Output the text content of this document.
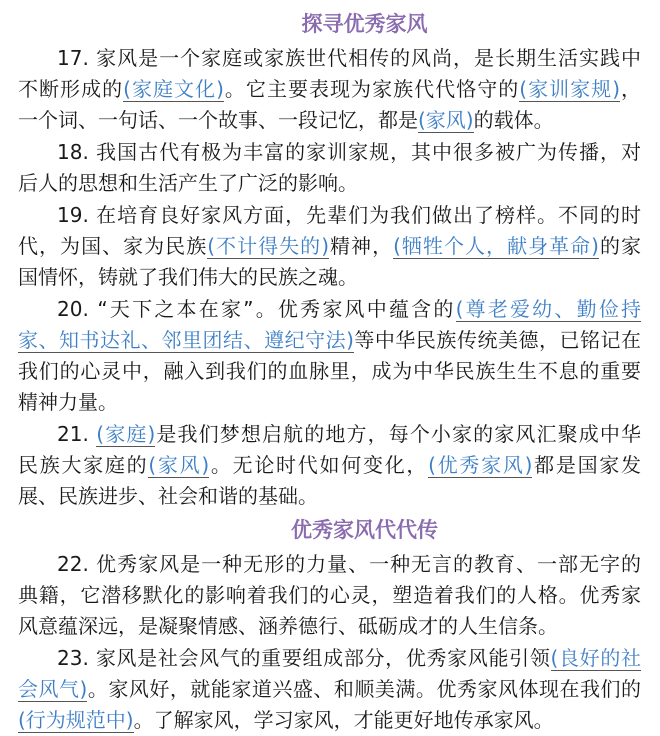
探寻优秀家风
17. 家风是一个家庭或家族世代相传的风尚，是长期生活实践中
不断形成的(家庭文化)。它主要表现为家族代代恪守的(家训家规)，
一个词、一句话、一个故事、一段记忆，都是(家风)的载体。
18. 我国古代有极为丰富的家训家规，其中很多被广为传播，对
后人的思想和生活产生了广泛的影响。
19. 在培育良好家风方面，先辈们为我们做出了榜样。不同的时
代，为国、家为民族(不计得失的)精神，(牺牲个人，献身革命)的家
国情怀，铸就了我们伟大的民族之魂。
20. “天下之本在家”。优秀家风中蕴含的(尊老爱幼、勤俭持
家、知书达礼、邻里团结、遵纪守法)等中华民族传统美德，已铭记在
我们的心灵中，融入到我们的血脉里，成为中华民族生生不息的重要
精神力量。
21. (家庭)是我们梦想启航的地方，每个小家的家风汇聚成中华
民族大家庭的(家风)。无论时代如何变化，(优秀家风)都是国家发
展、民族进步、社会和谐的基础。
优秀家风代代传
22. 优秀家风是一种无形的力量、一种无言的教育、一部无字的
典籍，它潜移默化的影响着我们的心灵，塑造着我们的人格。优秀家
风意蕴深远，是凝聚情感、涵养德行、砥砺成才的人生信条。
23. 家风是社会风气的重要组成部分，优秀家风能引领(良好的社
会风气)。家风好，就能家道兴盛、和顺美满。优秀家风体现在我们的
(行为规范中)。了解家风，学习家风，才能更好地传承家风。
